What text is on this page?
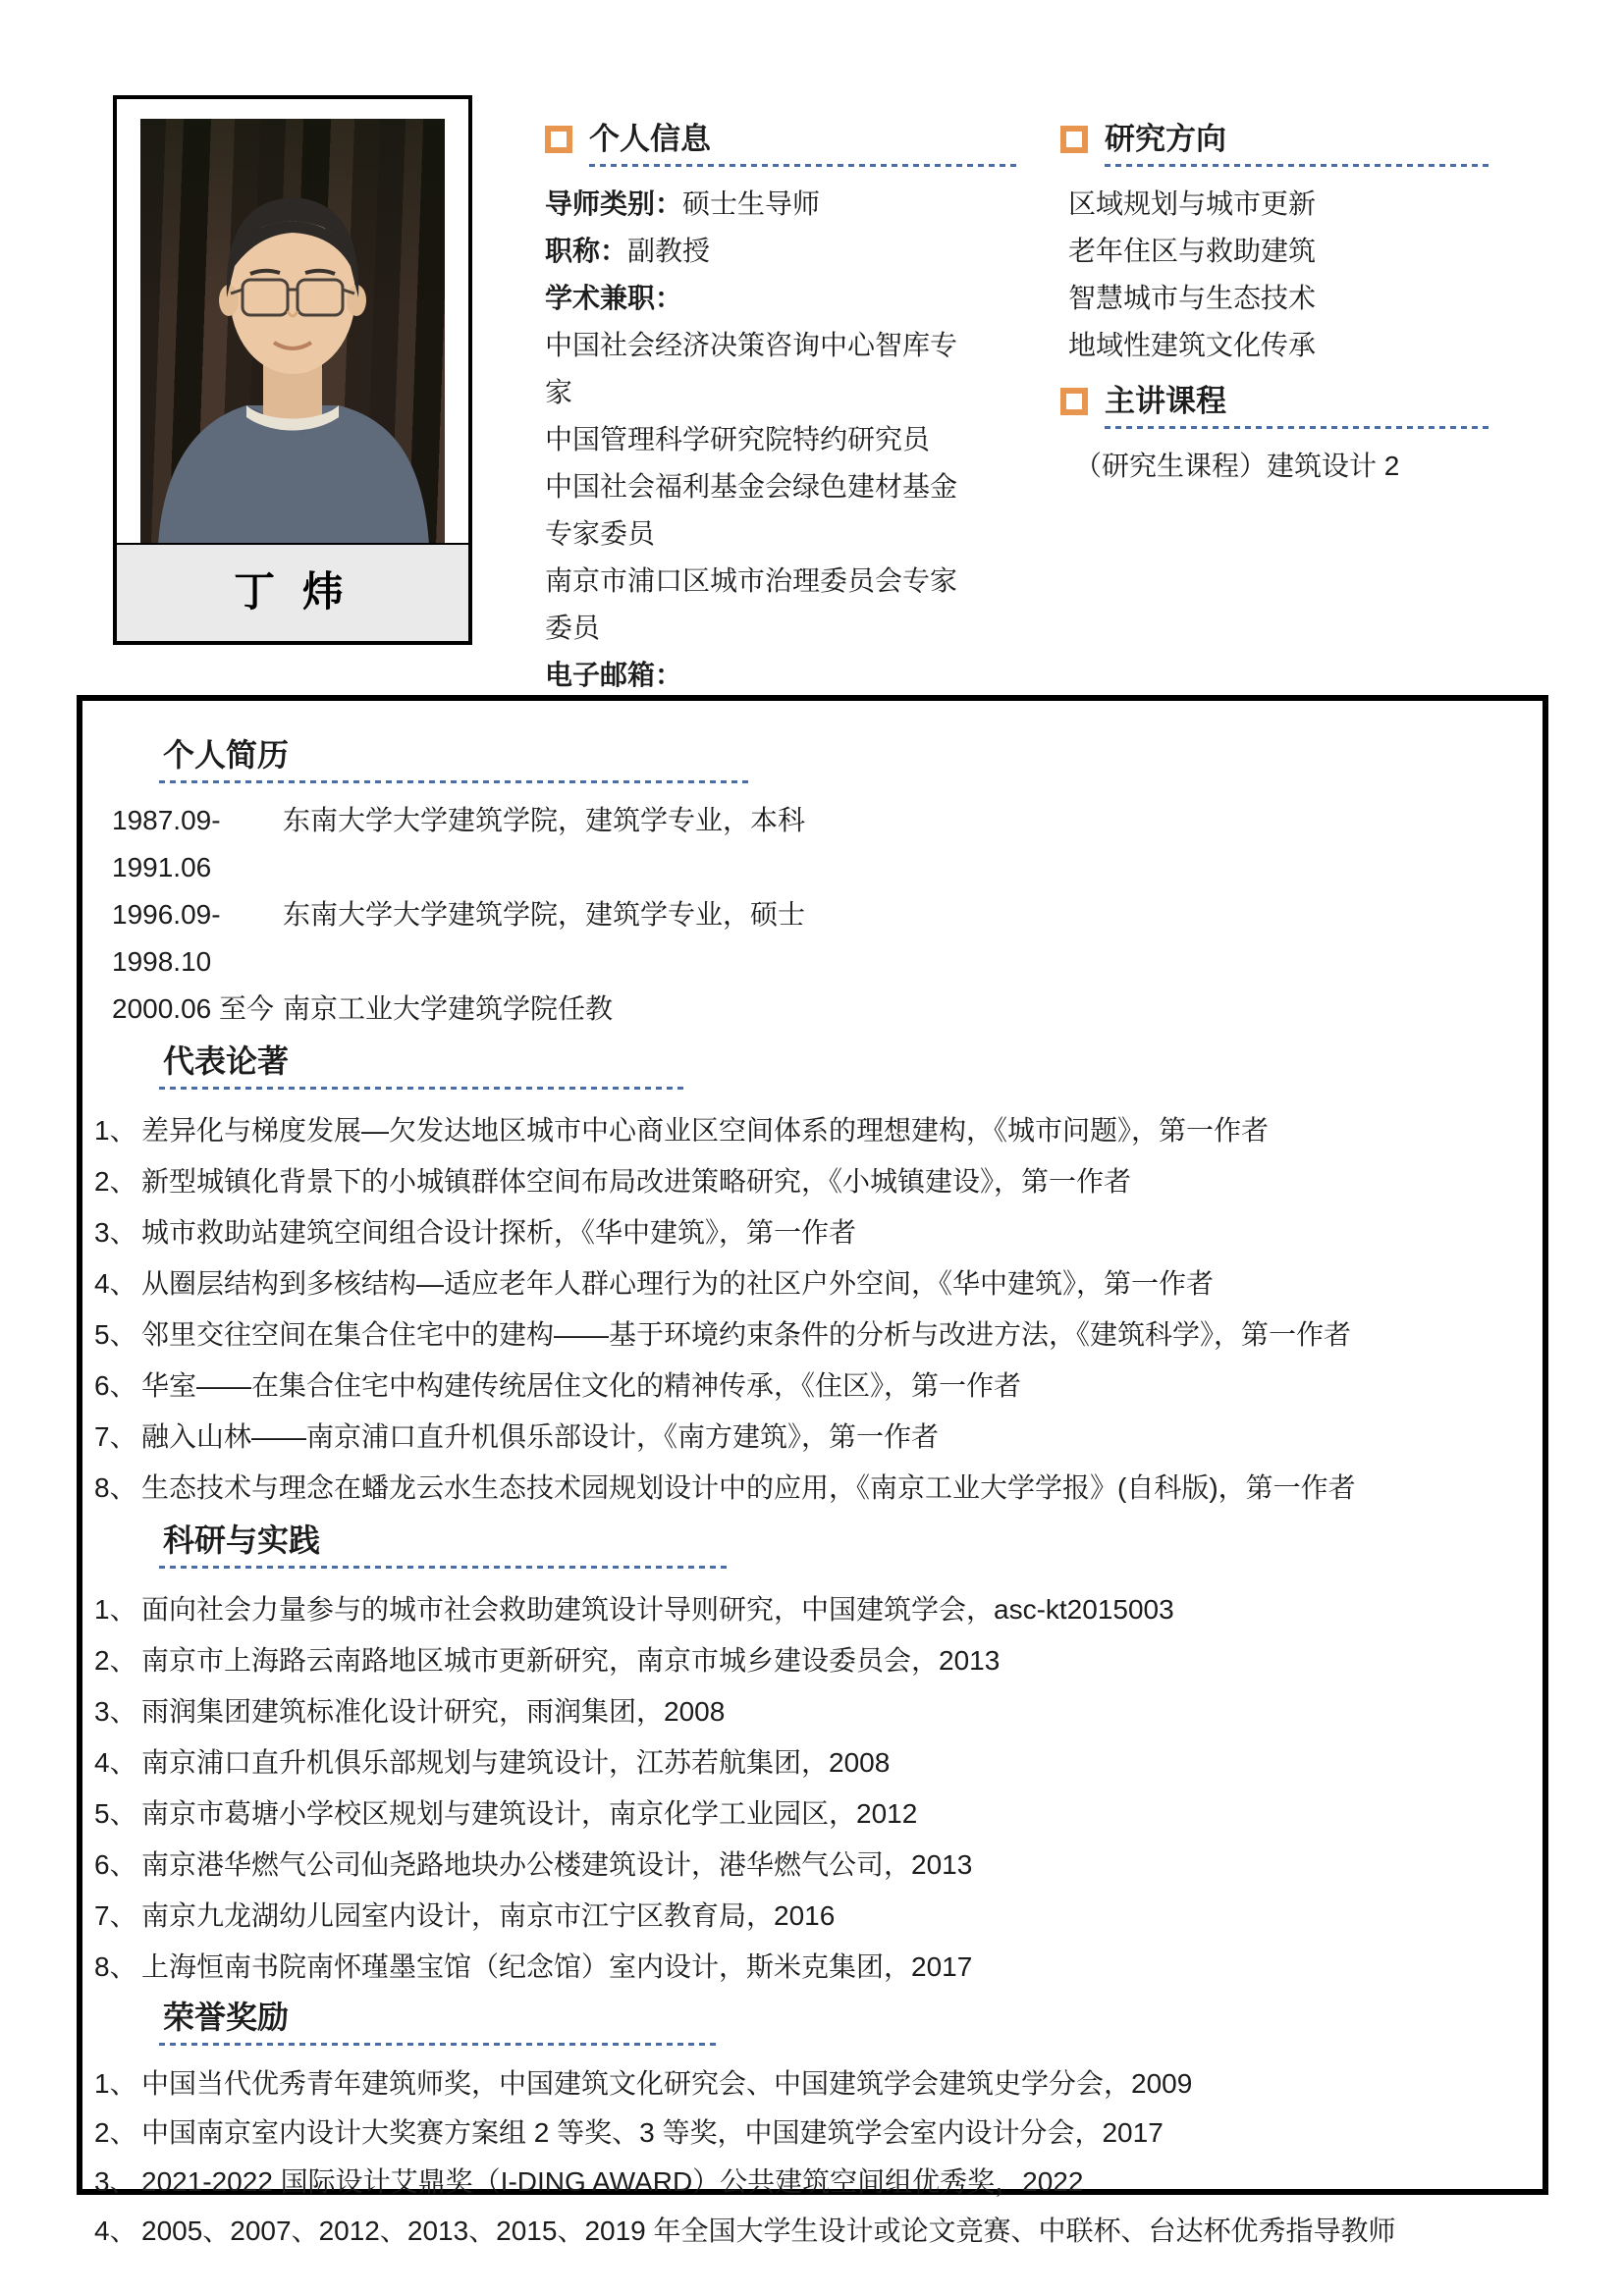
丁 炜
个人信息
导师类别：硕士生导师
职称：副教授
学术兼职：
中国社会经济决策咨询中心智库专家
中国管理科学研究院特约研究员
中国社会福利基金会绿色建材基金专家委员
南京市浦口区城市治理委员会专家委员
电子邮箱：
研究方向
区域规划与城市更新
老年住区与救助建筑
智慧城市与生态技术
地域性建筑文化传承
主讲课程
（研究生课程）建筑设计 2
个人简历
1987.09-1991.06
东南大学大学建筑学院，建筑学专业，本科
1996.09-1998.10
东南大学大学建筑学院，建筑学专业，硕士
2000.06 至今 南京工业大学建筑学院任教
代表论著
1、 差异化与梯度发展—欠发达地区城市中心商业区空间体系的理想建构，《城市问题》，第一作者
2、 新型城镇化背景下的小城镇群体空间布局改进策略研究，《小城镇建设》，第一作者
3、 城市救助站建筑空间组合设计探析，《华中建筑》，第一作者
4、 从圈层结构到多核结构—适应老年人群心理行为的社区户外空间，《华中建筑》，第一作者
5、 邻里交往空间在集合住宅中的建构——基于环境约束条件的分析与改进方法，《建筑科学》，第一作者
6、 华室——在集合住宅中构建传统居住文化的精神传承，《住区》，第一作者
7、 融入山林——南京浦口直升机俱乐部设计，《南方建筑》，第一作者
8、 生态技术与理念在蟠龙云水生态技术园规划设计中的应用，《南京工业大学学报》(自科版)，第一作者
科研与实践
1、 面向社会力量参与的城市社会救助建筑设计导则研究，中国建筑学会，asc-kt2015003
2、 南京市上海路云南路地区城市更新研究，南京市城乡建设委员会，2013
3、 雨润集团建筑标准化设计研究，雨润集团，2008
4、 南京浦口直升机俱乐部规划与建筑设计，江苏若航集团，2008
5、 南京市葛塘小学校区规划与建筑设计，南京化学工业园区，2012
6、 南京港华燃气公司仙尧路地块办公楼建筑设计，港华燃气公司，2013
7、 南京九龙湖幼儿园室内设计，南京市江宁区教育局，2016
8、 上海恒南书院南怀瑾墨宝馆（纪念馆）室内设计，斯米克集团，2017
荣誉奖励
1、 中国当代优秀青年建筑师奖，中国建筑文化研究会、中国建筑学会建筑史学分会，2009
2、 中国南京室内设计大奖赛方案组 2 等奖、3 等奖，中国建筑学会室内设计分会，2017
3、 2021-2022 国际设计艾鼎奖（I-DING AWARD）公共建筑空间组优秀奖，2022
4、 2005、2007、2012、2013、2015、2019 年全国大学生设计或论文竞赛、中联杯、台达杯优秀指导教师
